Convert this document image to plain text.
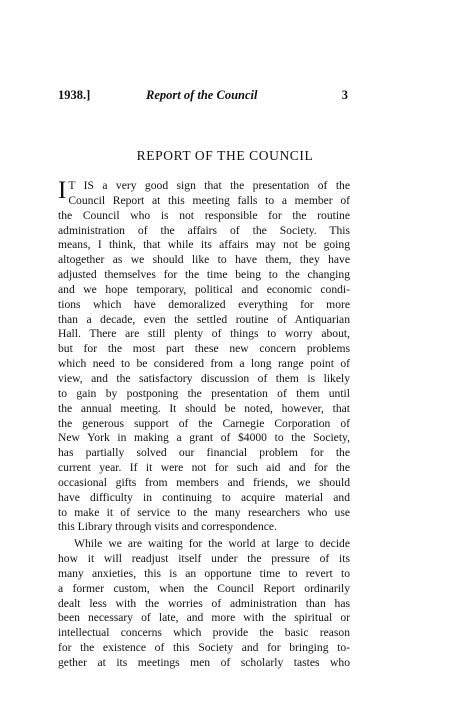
1938.]	Report of the Council	3
REPORT OF THE COUNCIL
I T IS a very good sign that the presentation of the
Council Report at this meeting falls to a member of
the Council who is not responsible for the routine
administration of the affairs of the Society. This
means, I think, that while its affairs may not be going
altogether as we should like to have them, they have
adjusted themselves for the time being to the changing
and we hope temporary, political and economic condi-
tions which have demoralized everything for more
than a decade, even the settled routine of Antiquarian
Hall. There are still plenty of things to worry about,
but for the most part these new concern problems
which need to be considered from a long range point of
view, and the satisfactory discussion of them is likely
to gain by postponing the presentation of them until
the annual meeting. It should be noted, however, that
the generous support of the Carnegie Corporation of
New York in making a grant of $4000 to the Society,
has partially solved our financial problem for the
current year. If it were not for such aid and for the
occasional gifts from members and friends, we should
have difficulty in continuing to acquire material and
to make it of service to the many researchers who use
this Library through visits and correspondence.
While we are waiting for the world at large to decide
how it will readjust itself under the pressure of its
many anxieties, this is an opportune time to revert to
a former custom, when the Council Report ordinarily
dealt less with the worries of administration than has
been necessary of late, and more with the spiritual or
intellectual concerns which provide the basic reason
for the existence of this Society and for bringing to-
gether at its meetings men of scholarly tastes who
